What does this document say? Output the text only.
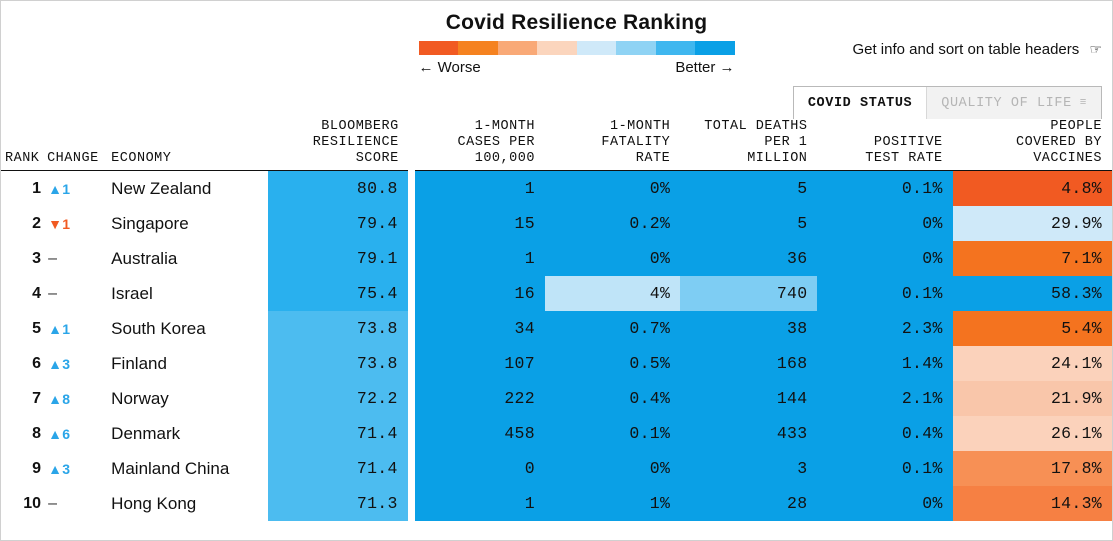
Covid Resilience Ranking
← Worse	Better →
Get info and sort on table headers ☞
COVID STATUS QUALITY OF LIFE ≡
RANK	CHANGE	ECONOMY

BLOOMBERG
RESILIENCE
SCORE

1-MONTH
CASES PER
100,000

1-MONTH
FATALITY
RATE

TOTAL DEATHS
PER 1
MILLION

POSITIVE
TEST RATE

PEOPLE
COVERED BY
VACCINES

1	▲1	New Zealand	80.8		1	0%	5	0.1%	4.8%
2	▼1	Singapore	79.4		15	0.2%	5	0%	29.9%
3	–	Australia	79.1		1	0%	36	0%	7.1%
4	–	Israel	75.4		16	4%	740	0.1%	58.3%
5	▲1	South Korea	73.8		34	0.7%	38	2.3%	5.4%
6	▲3	Finland	73.8		107	0.5%	168	1.4%	24.1%
7	▲8	Norway	72.2		222	0.4%	144	2.1%	21.9%
8	▲6	Denmark	71.4		458	0.1%	433	0.4%	26.1%
9	▲3	Mainland China	71.4		0	0%	3	0.1%	17.8%
10	–	Hong Kong	71.3		1	1%	28	0%	14.3%
